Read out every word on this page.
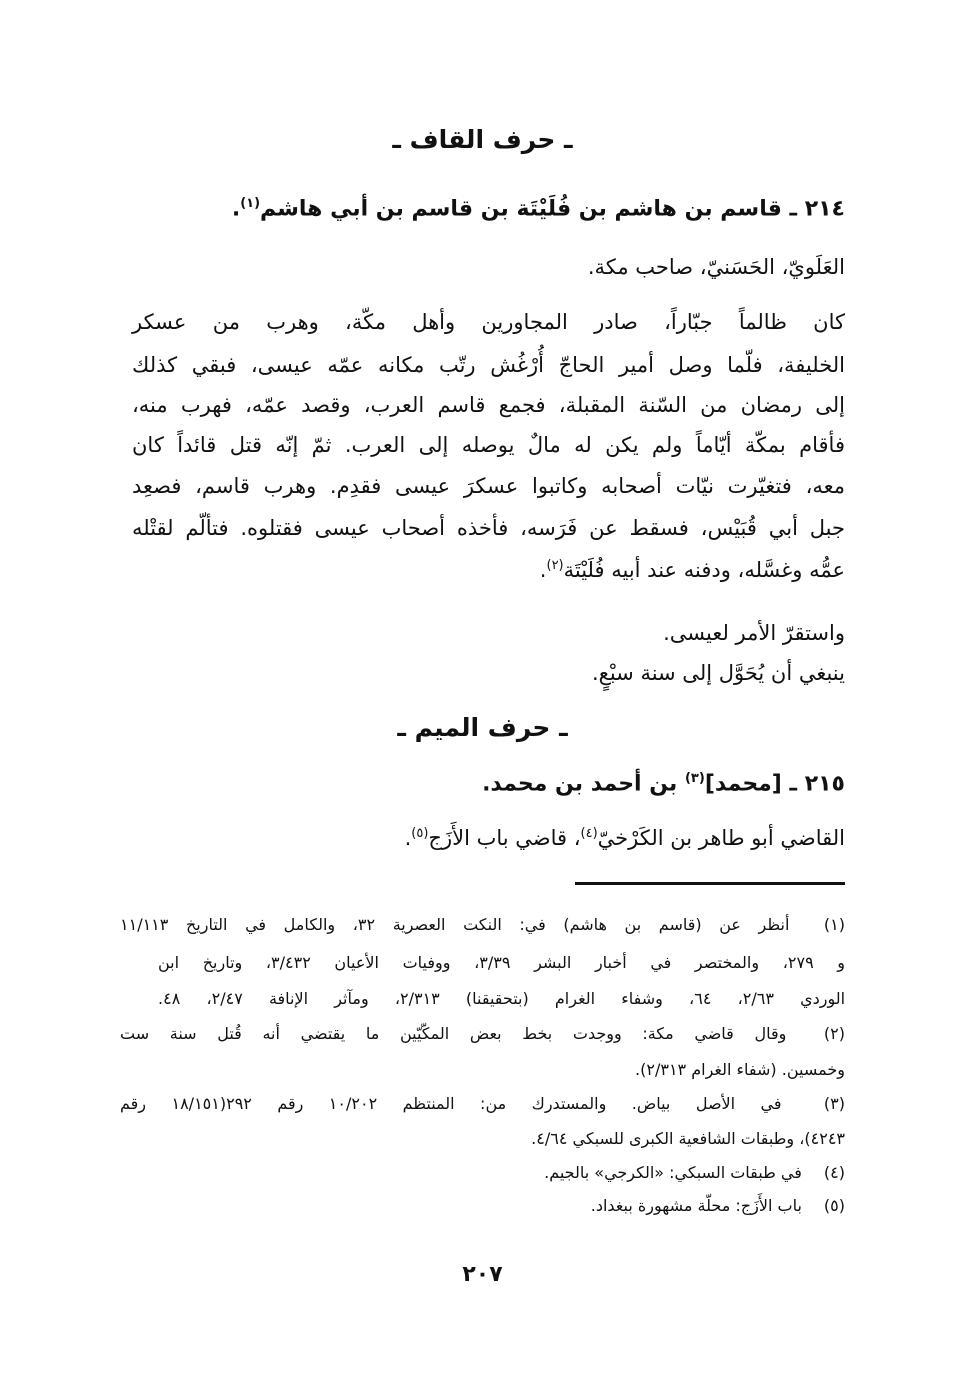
ـ حرف القاف ـ
٢١٤ ـ قاسم بن هاشم بن فُلَيْتَة بن قاسم بن أبي هاشم$^{(١)}$.
العَلَويّ، الحَسَنيّ، صاحب مكة.
كان ظالماً جبّاراً، صادر المجاورين وأهل مكّة، وهرب من عسكر
الخليفة، فلّما وصل أمير الحاجّ أُرْغُش رتّب مكانه عمّه عيسى، فبقي كذلك
إلى رمضان من السّنة المقبلة، فجمع قاسم العرب، وقصد عمّه، فهرب منه،
فأقام بمكّة أيّاماً ولم يكن له مالٌ يوصله إلى العرب. ثمّ إنّه قتل قائداً كان
معه، فتغيّرت نيّات أصحابه وكاتبوا عسكرَ عيسى فقدِم. وهرب قاسم، فصعِد
جبل أبي قُبَيْس، فسقط عن فَرَسه، فأخذه أصحاب عيسى فقتلوه. فتألّم لقتْله
عمُّه وغسَّله، ودفنه عند أبيه فُلَيْتَة$^{(٢)}$.
واستقرّ الأمر لعيسى.
ينبغي أن يُحَوَّل إلى سنة سبْعٍ.
ـ حرف الميم ـ
٢١٥ ـ [محمد]$^{(٣)}$ بن أحمد بن محمد.
القاضي أبو طاهر بن الكَرْخيّ$^{(٤)}$، قاضي باب الأَزَج$^{(٥)}$.
(١) أنظر عن (قاسم بن هاشم) في: النكت العصرية ٣٢، والكامل في التاريخ ١١/١١٣
و ٢٧٩، والمختصر في أخبار البشر ٣/٣٩، ووفيات الأعيان ٣/٤٣٢، وتاريخ ابن
الوردي ٢/٦٣، ٦٤، وشفاء الغرام (بتحقيقنا) ٢/٣١٣، ومآثر الإنافة ٢/٤٧، ٤٨.
(٢) وقال قاضي مكة: ووجدت بخط بعض المكّيّين ما يقتضي أنه قُتل سنة ست
وخمسين. (شفاء الغرام ٢/٣١٣).
(٣) في الأصل بياض. والمستدرك من: المنتظم ١٠/٢٠٢ رقم ٢٩٢(١٨/١٥١ رقم
٤٢٤٣)، وطبقات الشافعية الكبرى للسبكي ٤/٦٤.
(٤) في طبقات السبكي: «الكرجي» بالجيم.
(٥) باب الأَزَج: محلّة مشهورة ببغداد.
٢٠٧
